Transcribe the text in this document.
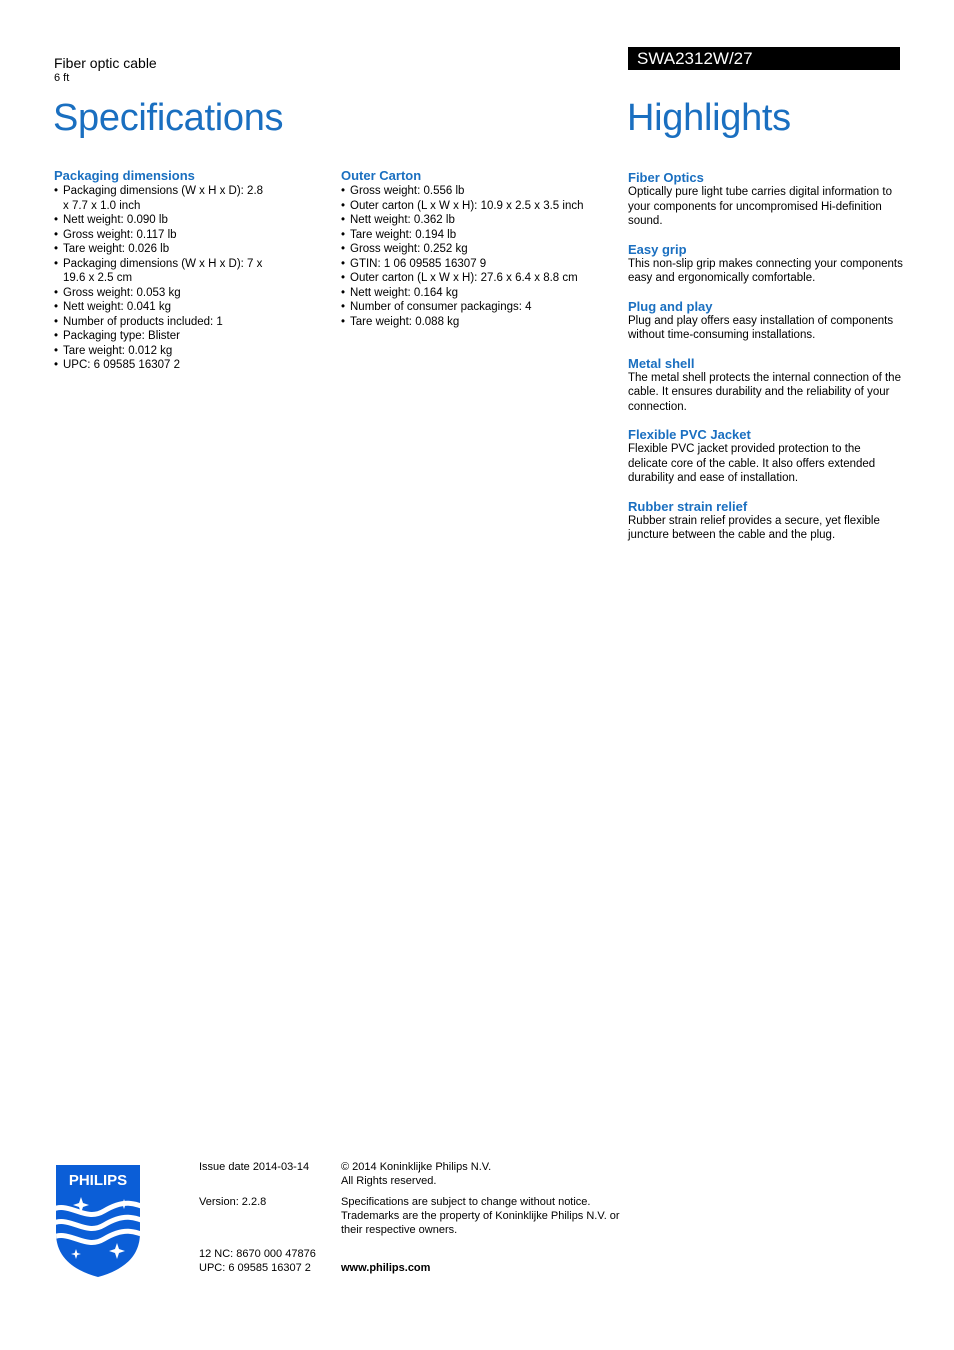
Fiber optic cable
6 ft
Specifications
SWA2312W/27
Highlights

Packaging dimensions

• Packaging dimensions (W x H x D): 2.8 x 7.7 x 1.0 inch
• Nett weight: 0.090 lb
• Gross weight: 0.117 lb
• Tare weight: 0.026 lb
• Packaging dimensions (W x H x D): 7 x 19.6 x 2.5 cm
• Gross weight: 0.053 kg
• Nett weight: 0.041 kg
• Number of products included: 1
• Packaging type: Blister
• Tare weight: 0.012 kg
• UPC: 6 09585 16307 2

Outer Carton

• Gross weight: 0.556 lb
• Outer carton (L x W x H): 10.9 x 2.5 x 3.5 inch
• Nett weight: 0.362 lb
• Tare weight: 0.194 lb
• Gross weight: 0.252 kg
• GTIN: 1 06 09585 16307 9
• Outer carton (L x W x H): 27.6 x 6.4 x 8.8 cm
• Nett weight: 0.164 kg
• Number of consumer packagings: 4
• Tare weight: 0.088 kg

Fiber Optics

Optically pure light tube carries digital information to your components for uncompromised Hi-definition sound.

Easy grip

This non-slip grip makes connecting your components easy and ergonomically comfortable.

Plug and play

Plug and play offers easy installation of components without time-consuming installations.

Metal shell

The metal shell protects the internal connection of the cable. It ensures durability and the reliability of your connection.

Flexible PVC Jacket

Flexible PVC jacket provided protection to the delicate core of the cable. It also offers extended durability and ease of installation.

Rubber strain relief

Rubber strain relief provides a secure, yet flexible juncture between the cable and the plug.

PHILIPS
Issue date 2014-03-14
Version: 2.2.8
12 NC: 8670 000 47876
UPC: 6 09585 16307 2
© 2014 Koninklijke Philips N.V.
All Rights reserved.
Specifications are subject to change without notice. Trademarks are the property of Koninklijke Philips N.V. or their respective owners.
www.philips.com
